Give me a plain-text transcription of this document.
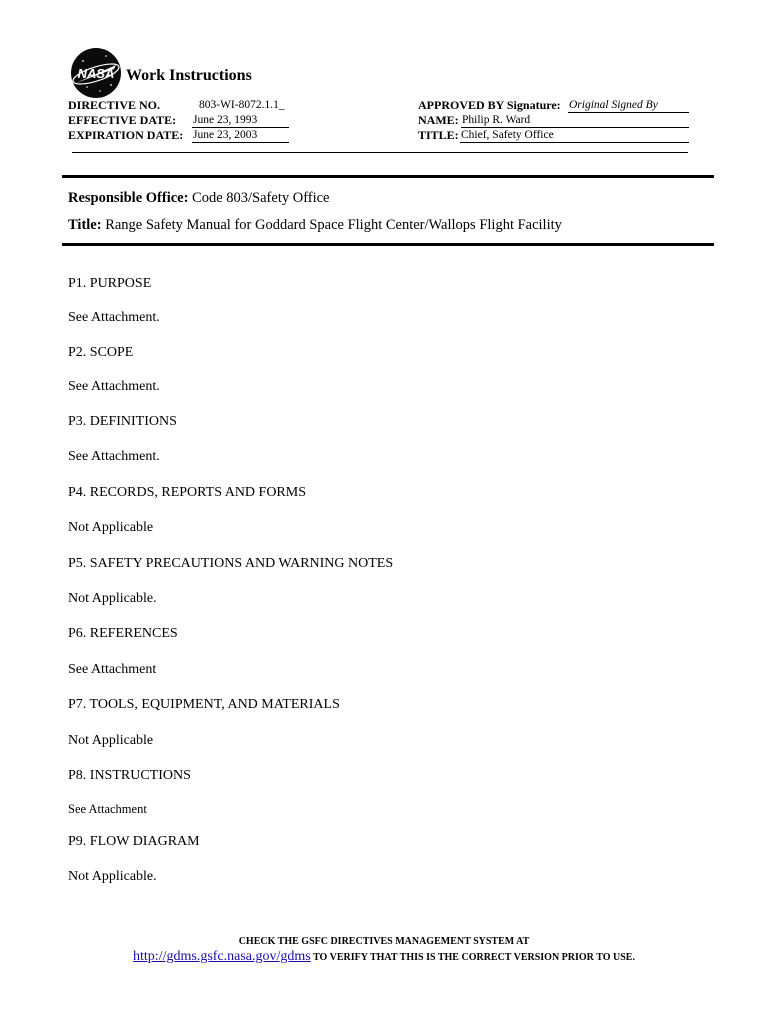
NASA Work Instructions
DIRECTIVE NO.	803-WI-8072.1.1_
EFFECTIVE DATE: June 23, 1993
EXPIRATION DATE: June 23, 2003
APPROVED BY Signature: Original Signed By
NAME: Philip R. Ward
TITLE: Chief, Safety Office
Responsible Office: Code 803/Safety Office
Title: Range Safety Manual for Goddard Space Flight Center/Wallops Flight Facility
P1. PURPOSE
See Attachment.
P2. SCOPE
See Attachment.
P3. DEFINITIONS
See Attachment.
P4. RECORDS, REPORTS AND FORMS
Not Applicable
P5. SAFETY PRECAUTIONS AND WARNING NOTES
Not Applicable.
P6. REFERENCES
See Attachment
P7. TOOLS, EQUIPMENT, AND MATERIALS
Not Applicable
P8. INSTRUCTIONS
See Attachment
P9. FLOW DIAGRAM
Not Applicable.
CHECK THE GSFC DIRECTIVES MANAGEMENT SYSTEM AT
http://gdms.gsfc.nasa.gov/gdms TO VERIFY THAT THIS IS THE CORRECT VERSION PRIOR TO USE.
